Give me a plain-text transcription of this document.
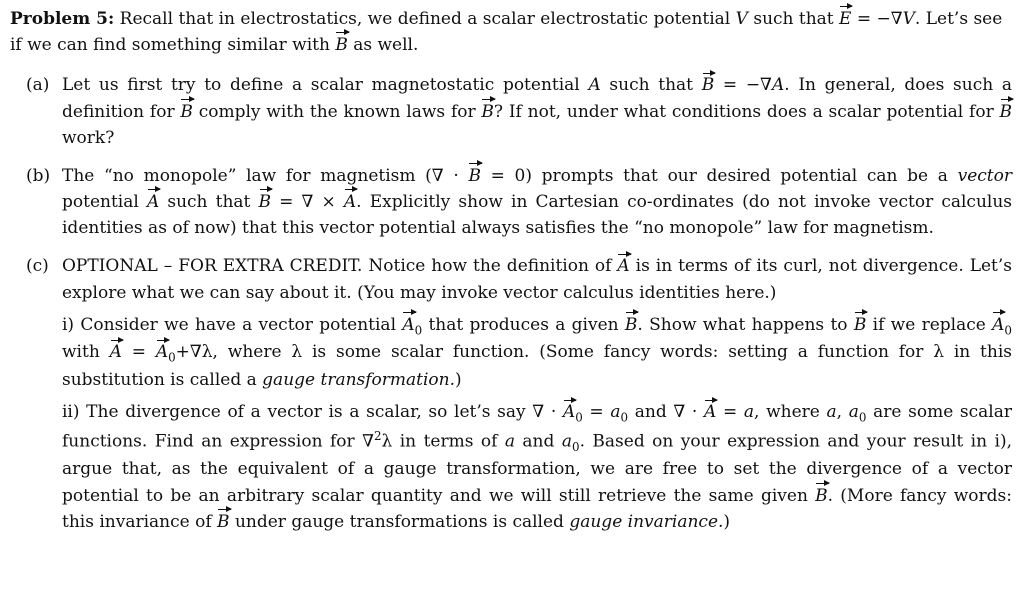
Problem 5: Recall that in electrostatics, we defined a scalar electrostatic potential V such that E = −∇V. Let’s see if we can find something similar with B as well.
(a) Let us first try to define a scalar magnetostatic potential A such that B = −∇A. In general, does such a definition for B comply with the known laws for B? If not, under what conditions does a scalar potential for B work?
(b) The “no monopole” law for magnetism (∇ · B = 0) prompts that our desired potential can be a vector potential A such that B = ∇ × A. Explicitly show in Cartesian co-ordinates (do not invoke vector calculus identities as of now) that this vector potential always satisfies the “no monopole” law for magnetism.
(c) OPTIONAL – FOR EXTRA CREDIT. Notice how the definition of A is in terms of its curl, not divergence. Let’s explore what we can say about it. (You may invoke vector calculus identities here.)
i) Consider we have a vector potential $A_0$ that produces a given B. Show what happens to B if we replace $A_0$ with $A = A_0+\nabla\lambda$, where λ is some scalar function. (Some fancy words: setting a function for λ in this substitution is called a gauge transformation.)
ii) The divergence of a vector is a scalar, so let’s say ∇ · $A_0 = a_0$ and ∇ · A = a, where a, $a_0$ are some scalar functions. Find an expression for ∇$^2$λ in terms of a and $a_0$. Based on your expression and your result in i), argue that, as the equivalent of a gauge transformation, we are free to set the divergence of a vector potential to be an arbitrary scalar quantity and we will still retrieve the same given B. (More fancy words: this invariance of B under gauge transformations is called gauge invariance.)
